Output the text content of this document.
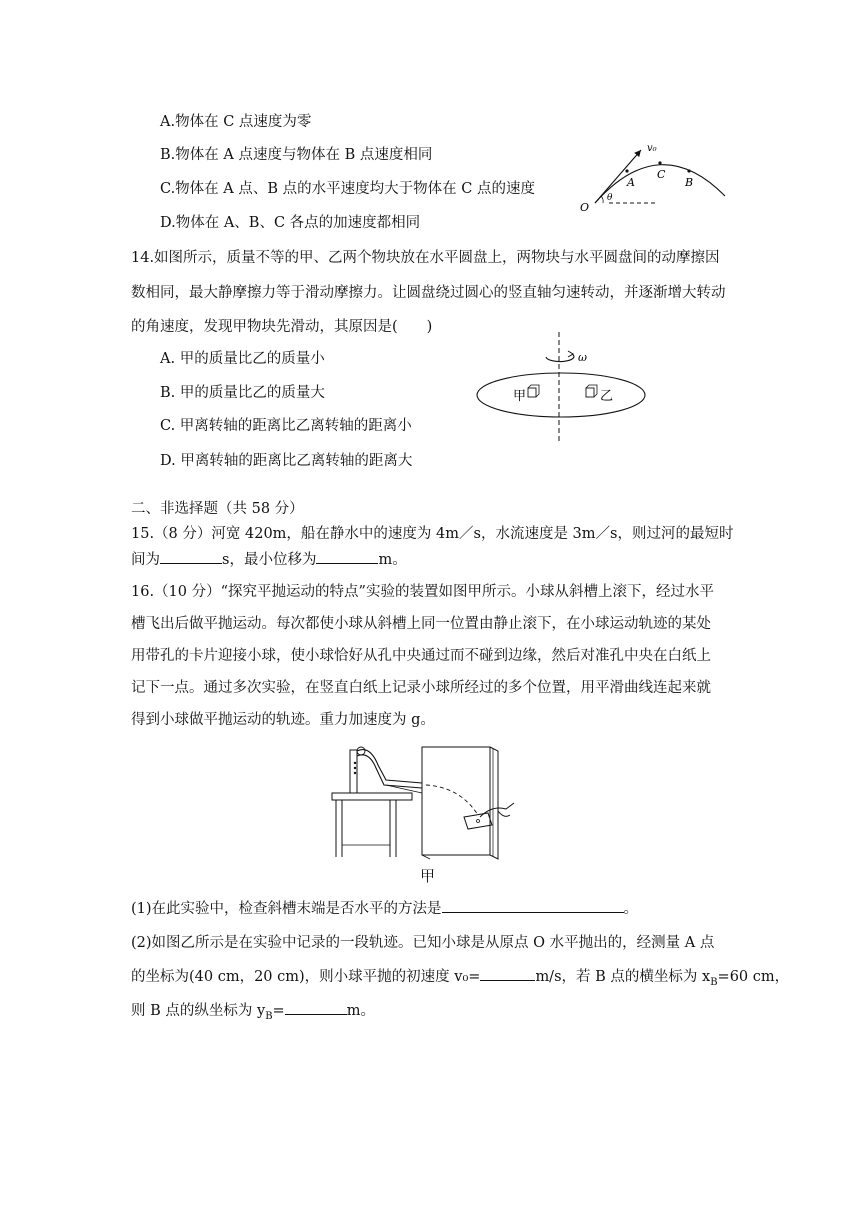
A.物体在 C 点速度为零
B.物体在 A 点速度与物体在 B 点速度相同
C.物体在 A 点、B 点的水平速度均大于物体在 C 点的速度
D.物体在 A、B、C 各点的加速度都相同
v₀
A
C
B
O
θ
14.如图所示，质量不等的甲、乙两个物块放在水平圆盘上，两物块与水平圆盘间的动摩擦因
数相同，最大静摩擦力等于滑动摩擦力。让圆盘绕过圆心的竖直轴匀速转动，并逐渐增大转动
的角速度，发现甲物块先滑动，其原因是(　　)
A. 甲的质量比乙的质量小
B. 甲的质量比乙的质量大
C. 甲离转轴的距离比乙离转轴的距离小
D. 甲离转轴的距离比乙离转轴的距离大
ω
甲	乙
二、非选择题（共 58 分）
15.（8 分）河宽 420m，船在静水中的速度为 4m／s，水流速度是 3m／s，则过河的最短时
间为	s，最小位移为	m。
16.（10 分）“探究平抛运动的特点”实验的装置如图甲所示。小球从斜槽上滚下，经过水平
槽飞出后做平抛运动。每次都使小球从斜槽上同一位置由静止滚下，在小球运动轨迹的某处
用带孔的卡片迎接小球，使小球恰好从孔中央通过而不碰到边缘，然后对准孔中央在白纸上
记下一点。通过多次实验，在竖直白纸上记录小球所经过的多个位置，用平滑曲线连起来就
得到小球做平抛运动的轨迹。重力加速度为 g。
甲
(1)在此实验中，检查斜槽末端是否水平的方法是	。
(2)如图乙所示是在实验中记录的一段轨迹。已知小球是从原点 O 水平抛出的，经测量 A 点
的坐标为(40 cm，20 cm)，则小球平抛的初速度 v₀=	m/s，若 B 点的横坐标为 $x_B=60$ cm，
则 B 点的纵坐标为 $y_B=$	m。
